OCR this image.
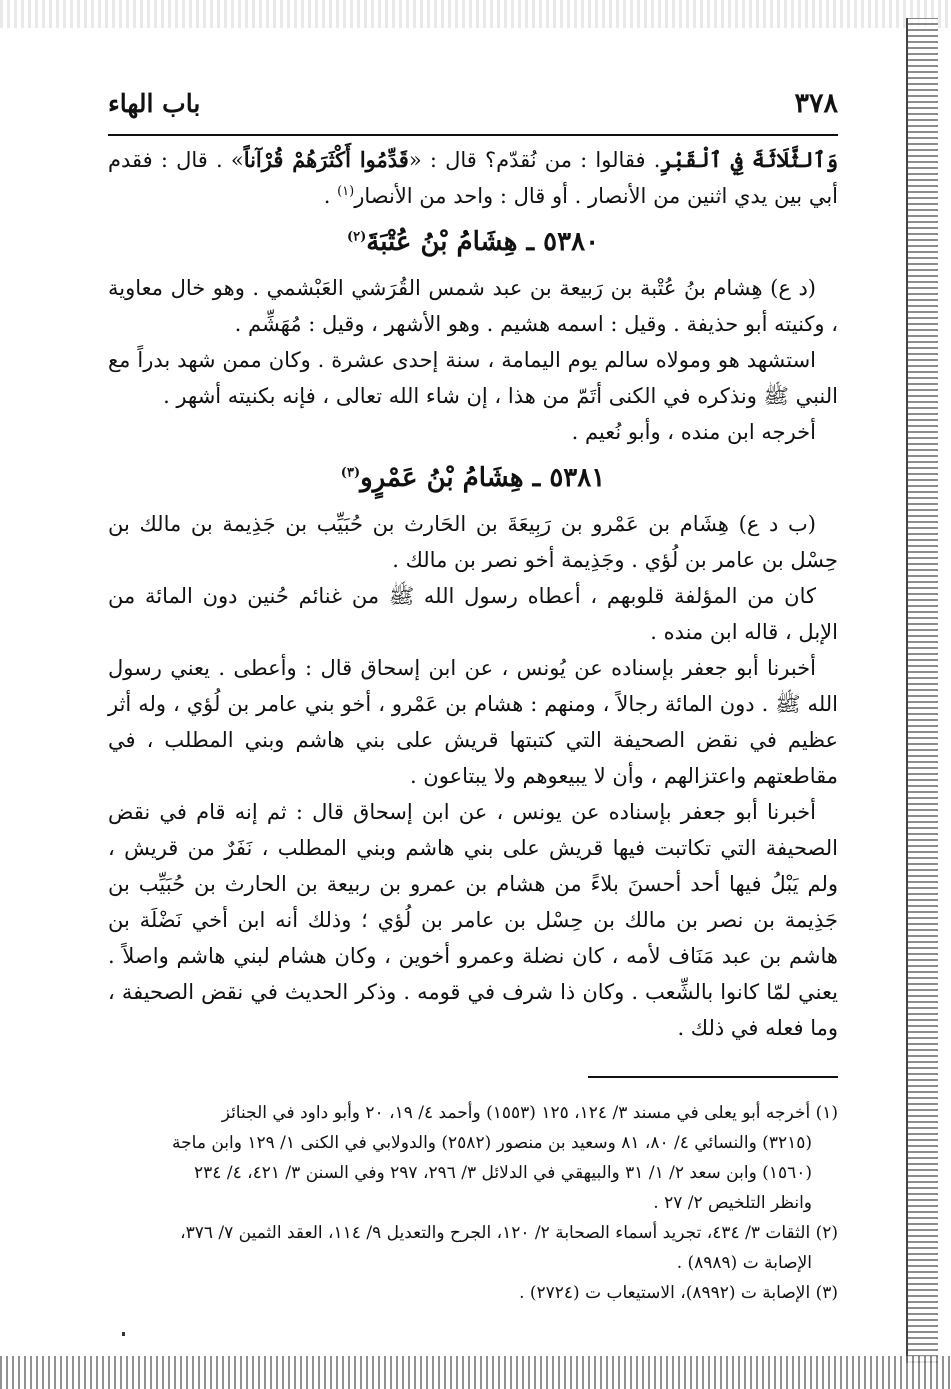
٣٧٨
باب الهاء

وَٱلثَّلَاثَةَ فِي ٱلْقَبْرِ. فقالوا : من نُقدّم؟ قال : «قَدِّمُوا أَكْثَرَهُمْ قُرْآناً» . قال : فقدم أبي بين يدي اثنين من الأنصار . أو قال : واحد من الأنصار$^{(١)}$ .

٥٣٨٠ ـ هِشَامُ بْنُ عُتْبَةَ$^{(٢)}$

(د ع) هِشام بنُ عُتْبة بن رَبيعة بن عبد شمس القُرَشي العَبْشمي . وهو خال معاوية ، وكنيته أبو حذيفة . وقيل : اسمه هشيم . وهو الأشهر ، وقيل : مُهَشِّم .

استشهد هو ومولاه سالم يوم اليمامة ، سنة إحدى عشرة . وكان ممن شهد بدراً مع النبي ﷺ ونذكره في الكنى أتَمّ من هذا ، إن شاء الله تعالى ، فإنه بكنيته أشهر .

أخرجه ابن منده ، وأبو نُعيم .

٥٣٨١ ـ هِشَامُ بْنُ عَمْرٍو$^{(٣)}$

(ب د ع) هِشَام بن عَمْرو بن رَبِيعَةَ بن الحَارث بن حُبَيِّب بن جَذِيمة بن مالك بن حِسْل بن عامر بن لُؤي . وجَذِيمة أخو نصر بن مالك .

كان من المؤلفة قلوبهم ، أعطاه رسول الله ﷺ من غنائم حُنين دون المائة من الإبل ، قاله ابن منده .

أخبرنا أبو جعفر بإسناده عن يُونس ، عن ابن إسحاق قال : وأعطى . يعني رسول الله ﷺ . دون المائة رجالاً ، ومنهم : هشام بن عَمْرو ، أخو بني عامر بن لُؤي ، وله أثر عظيم في نقض الصحيفة التي كتبتها قريش على بني هاشم وبني المطلب ، في مقاطعتهم واعتزالهم ، وأن لا يبيعوهم ولا يبتاعون .

أخبرنا أبو جعفر بإسناده عن يونس ، عن ابن إسحاق قال : ثم إنه قام في نقض الصحيفة التي تكاتبت فيها قريش على بني هاشم وبني المطلب ، نَفَرٌ من قريش ، ولم يَبْلُ فيها أحد أحسنَ بلاءً من هشام بن عمرو بن ربيعة بن الحارث بن حُبَيِّب بن جَذِيمة بن نصر بن مالك بن حِسْل بن عامر بن لُؤي ؛ وذلك أنه ابن أخي نَضْلَة بن هاشم بن عبد مَنَاف لأمه ، كان نضلة وعمرو أخوين ، وكان هشام لبني هاشم واصلاً . يعني لمّا كانوا بالشِّعب . وكان ذا شرف في قومه . وذكر الحديث في نقض الصحيفة ، وما فعله في ذلك .

(١) أخرجه أبو يعلى في مسند ٣/ ١٢٤، ١٢٥ (١٥٥٣) وأحمد ٤/ ١٩، ٢٠ وأبو داود في الجنائز

(٣٢١٥) والنسائي ٤/ ٨٠، ٨١ وسعيد بن منصور (٢٥٨٢) والدولابي في الكنى ١/ ١٢٩ وابن ماجة

(١٥٦٠) وابن سعد ٢/ ١/ ٣١ والبيهقي في الدلائل ٣/ ٢٩٦، ٢٩٧ وفي السنن ٣/ ٤٢١، ٤/ ٢٣٤

وانظر التلخيص ٢/ ٢٧ .

(٢) الثقات ٣/ ٤٣٤، تجريد أسماء الصحابة ٢/ ١٢٠، الجرح والتعديل ٩/ ١١٤، العقد الثمين ٧/ ٣٧٦،

الإصابة ت (٨٩٨٩) .

(٣) الإصابة ت (٨٩٩٢)، الاستيعاب ت (٢٧٢٤) .
